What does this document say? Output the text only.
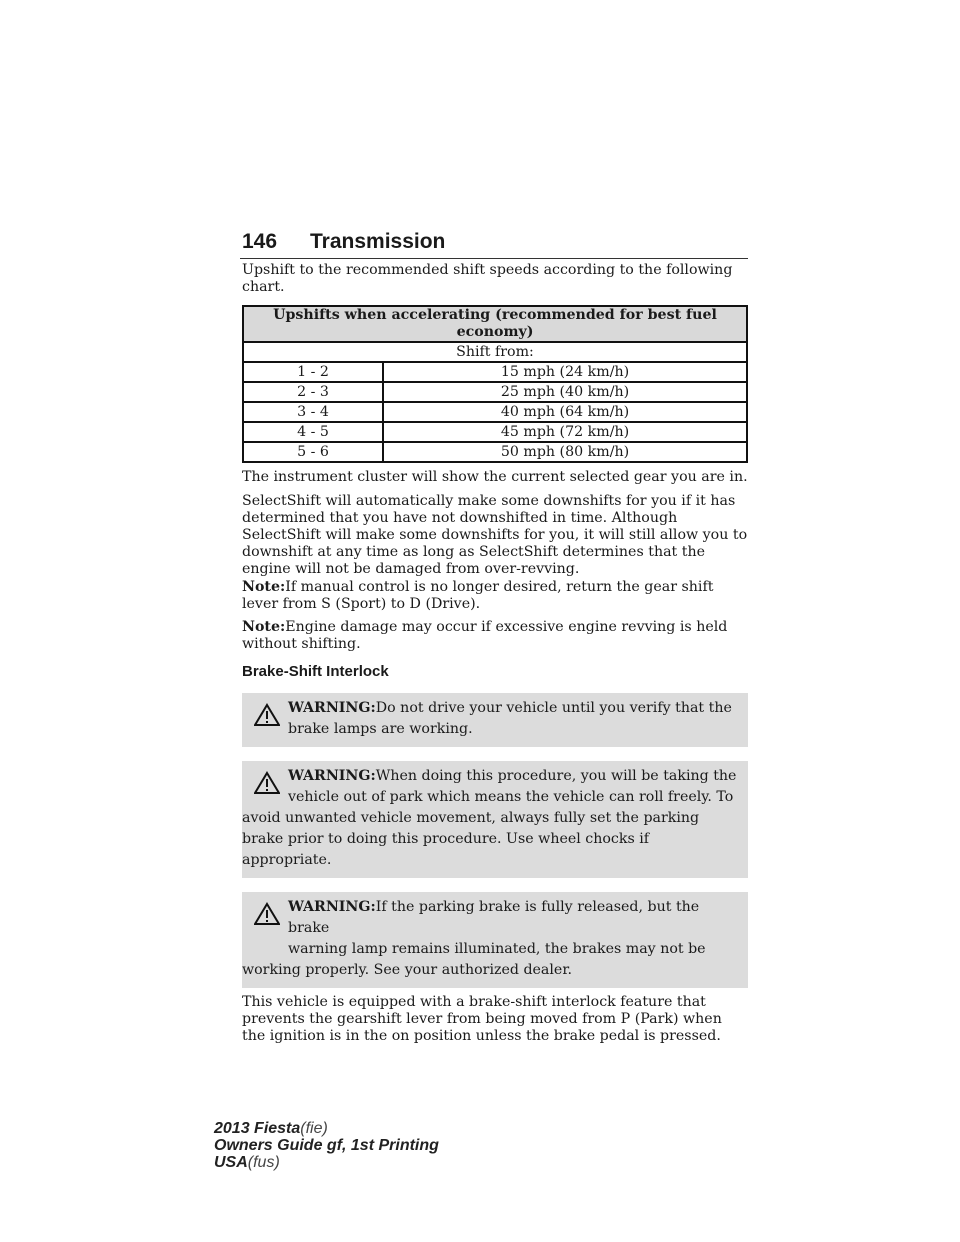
146 Transmission

Upshift to the recommended shift speeds according to the following chart.

Upshifts when accelerating (recommended for best fuel economy)	
Shift from:	
1 - 2	15 mph (24 km/h)
2 - 3	25 mph (40 km/h)
3 - 4	40 mph (64 km/h)
4 - 5	45 mph (72 km/h)
5 - 6	50 mph (80 km/h)

The instrument cluster will show the current selected gear you are in.

SelectShift will automatically make some downshifts for you if it has determined that you have not downshifted in time. Although SelectShift will make some downshifts for you, it will still allow you to downshift at any time as long as SelectShift determines that the engine will not be damaged from over-revving.

Note:If manual control is no longer desired, return the gear shift lever from S (Sport) to D (Drive).

Note:Engine damage may occur if excessive engine revving is held without shifting.

Brake-Shift Interlock

WARNING:Do not drive your vehicle until you verify that the
brake lamps are working.
WARNING:When doing this procedure, you will be taking the
vehicle out of park which means the vehicle can roll freely. To
avoid unwanted vehicle movement, always fully set the parking brake prior to doing this procedure. Use wheel chocks if appropriate.
WARNING:If the parking brake is fully released, but the brake
warning lamp remains illuminated, the brakes may not be
working properly. See your authorized dealer.

This vehicle is equipped with a brake-shift interlock feature that prevents the gearshift lever from being moved from P (Park) when the ignition is in the on position unless the brake pedal is pressed.

2013 Fiesta(fie)
Owners Guide gf, 1st Printing
USA(fus)
